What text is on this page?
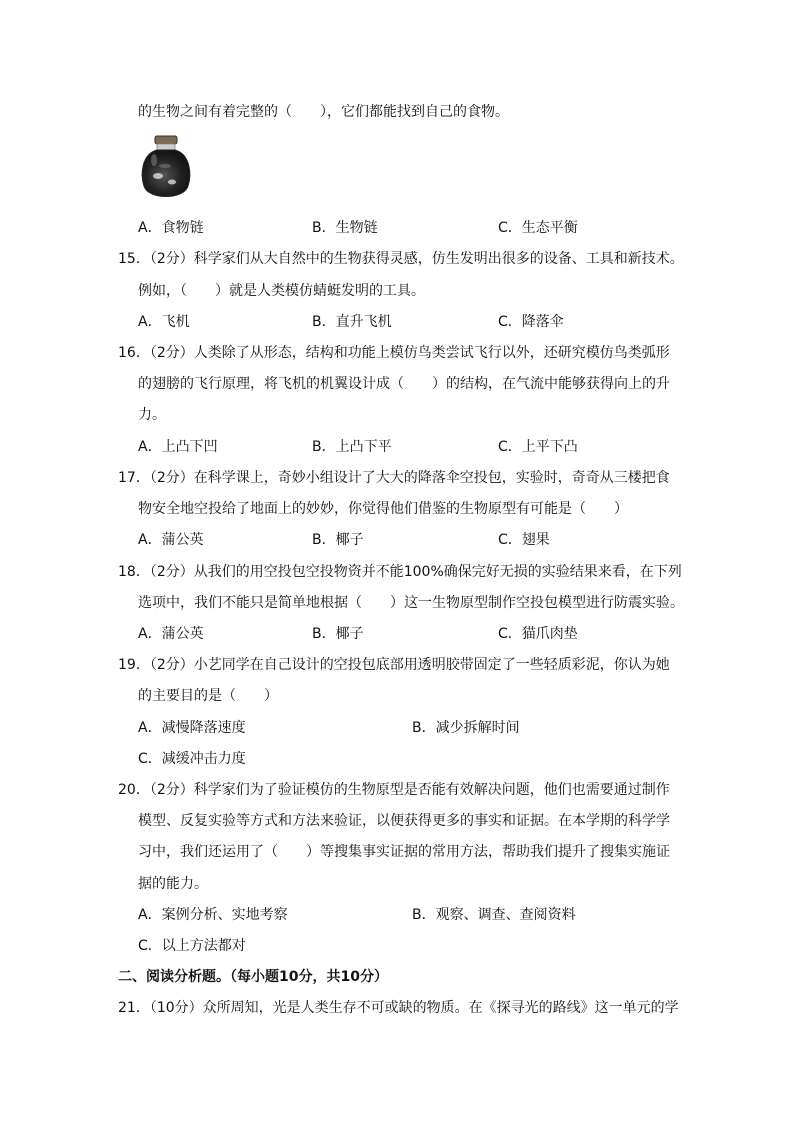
的生物之间有着完整的（　　），它们都能找到自己的食物。
A．食物链	B．生物链	C．生态平衡
15．（2分）科学家们从大自然中的生物获得灵感，仿生发明出很多的设备、工具和新技术。
例如，（　　）就是人类模仿蜻蜓发明的工具。
A．飞机	B．直升飞机	C．降落伞
16．（2分）人类除了从形态，结构和功能上模仿鸟类尝试飞行以外，还研究模仿鸟类弧形
的翅膀的飞行原理，将飞机的机翼设计成（　　）的结构，在气流中能够获得向上的升
力。
A．上凸下凹	B．上凸下平	C．上平下凸
17．（2分）在科学课上，奇妙小组设计了大大的降落伞空投包，实验时，奇奇从三楼把食
物安全地空投给了地面上的妙妙，你觉得他们借鉴的生物原型有可能是（　　）
A．蒲公英	B．椰子	C．翅果
18．（2分）从我们的用空投包空投物资并不能100%确保完好无损的实验结果来看，在下列
选项中，我们不能只是简单地根据（　　）这一生物原型制作空投包模型进行防震实验。
A．蒲公英	B．椰子	C．猫爪肉垫
19．（2分）小艺同学在自己设计的空投包底部用透明胶带固定了一些轻质彩泥，你认为她
的主要目的是（　　）
A．减慢降落速度	B．减少拆解时间
C．减缓冲击力度
20．（2分）科学家们为了验证模仿的生物原型是否能有效解决问题，他们也需要通过制作
模型、反复实验等方式和方法来验证，以便获得更多的事实和证据。在本学期的科学学
习中，我们还运用了（　　）等搜集事实证据的常用方法，帮助我们提升了搜集实施证
据的能力。
A．案例分析、实地考察	B．观察、调查、查阅资料
C．以上方法都对
二、阅读分析题。（每小题10分，共10分）
21．（10分）众所周知，光是人类生存不可或缺的物质。在《探寻光的路线》这一单元的学
